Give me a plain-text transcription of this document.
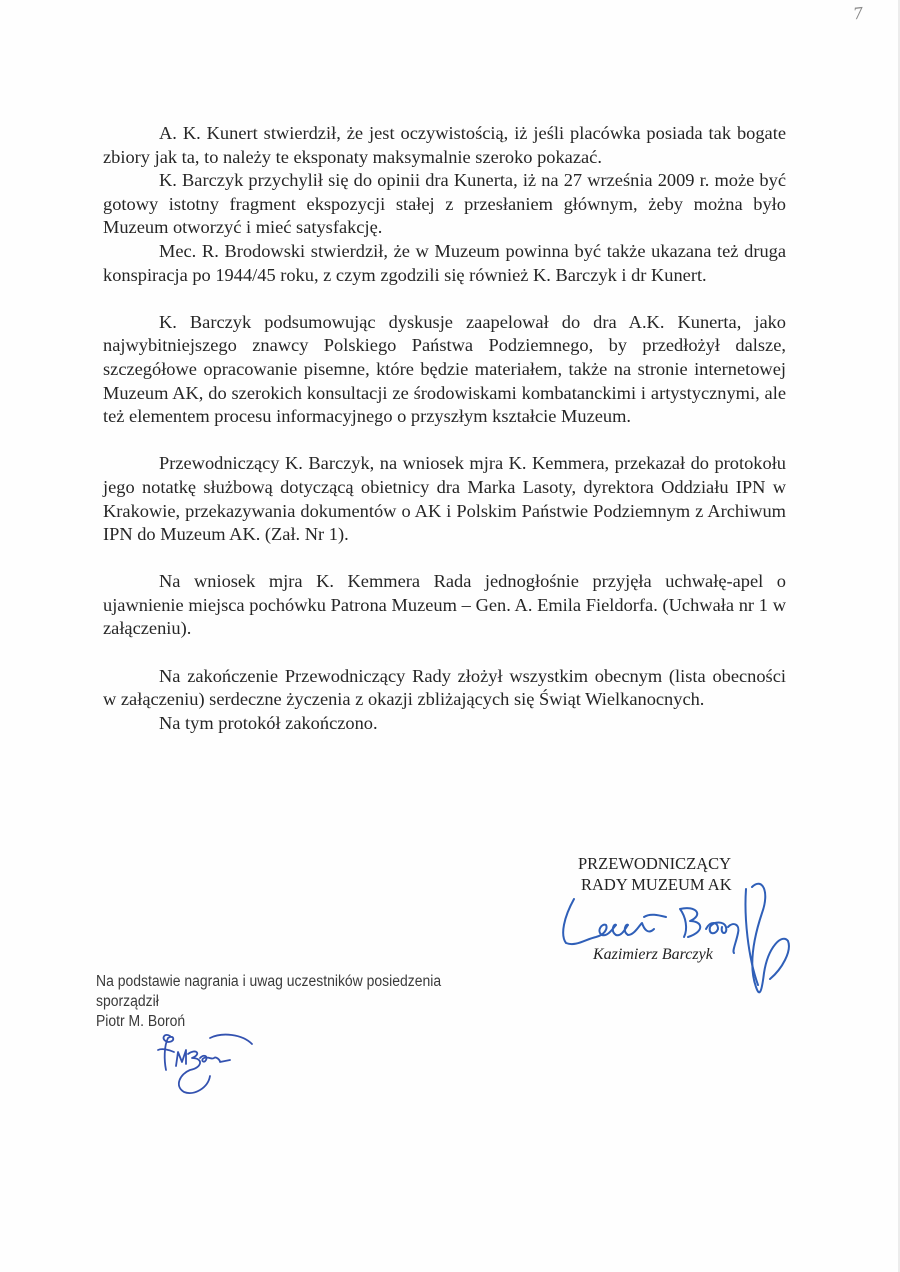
7

A. K. Kunert stwierdził, że jest oczywistością, iż jeśli placówka posiada tak bogate zbiory jak ta, to należy te eksponaty maksymalnie szeroko pokazać.

K. Barczyk przychylił się do opinii dra Kunerta, iż na 27 września 2009 r. może być gotowy istotny fragment ekspozycji stałej z przesłaniem głównym, żeby można było Muzeum otworzyć i mieć satysfakcję.

Mec. R. Brodowski stwierdził, że w Muzeum powinna być także ukazana też druga konspiracja po 1944/45 roku, z czym zgodzili się również K. Barczyk i dr Kunert.

K. Barczyk podsumowując dyskusje zaapelował do dra A.K. Kunerta, jako najwybitniejszego znawcy Polskiego Państwa Podziemnego, by przedłożył dalsze, szczegółowe opracowanie pisemne, które będzie materiałem, także na stronie internetowej Muzeum AK, do szerokich konsultacji ze środowiskami kombatanckimi i artystycznymi, ale też elementem procesu informacyjnego o przyszłym kształcie Muzeum.

Przewodniczący K. Barczyk, na wniosek mjra K. Kemmera, przekazał do protokołu jego notatkę służbową dotyczącą obietnicy dra Marka Lasoty, dyrektora Oddziału IPN w Krakowie, przekazywania dokumentów o AK i Polskim Państwie Podziemnym z Archiwum IPN do Muzeum AK. (Zał. Nr 1).

Na wniosek mjra K. Kemmera Rada jednogłośnie przyjęła uchwałę-apel o ujawnienie miejsca pochówku Patrona Muzeum – Gen. A. Emila Fieldorfa. (Uchwała nr 1 w załączeniu).

Na zakończenie Przewodniczący Rady złożył wszystkim obecnym (lista obecności w załączeniu) serdeczne życzenia z okazji zbliżających się Świąt Wielkanocnych.

Na tym protokół zakończono.

PRZEWODNICZĄCY
RADY MUZEUM AK
Kazimierz Barczyk
Na podstawie nagrania i uwag uczestników posiedzenia
sporządził
Piotr M. Boroń
